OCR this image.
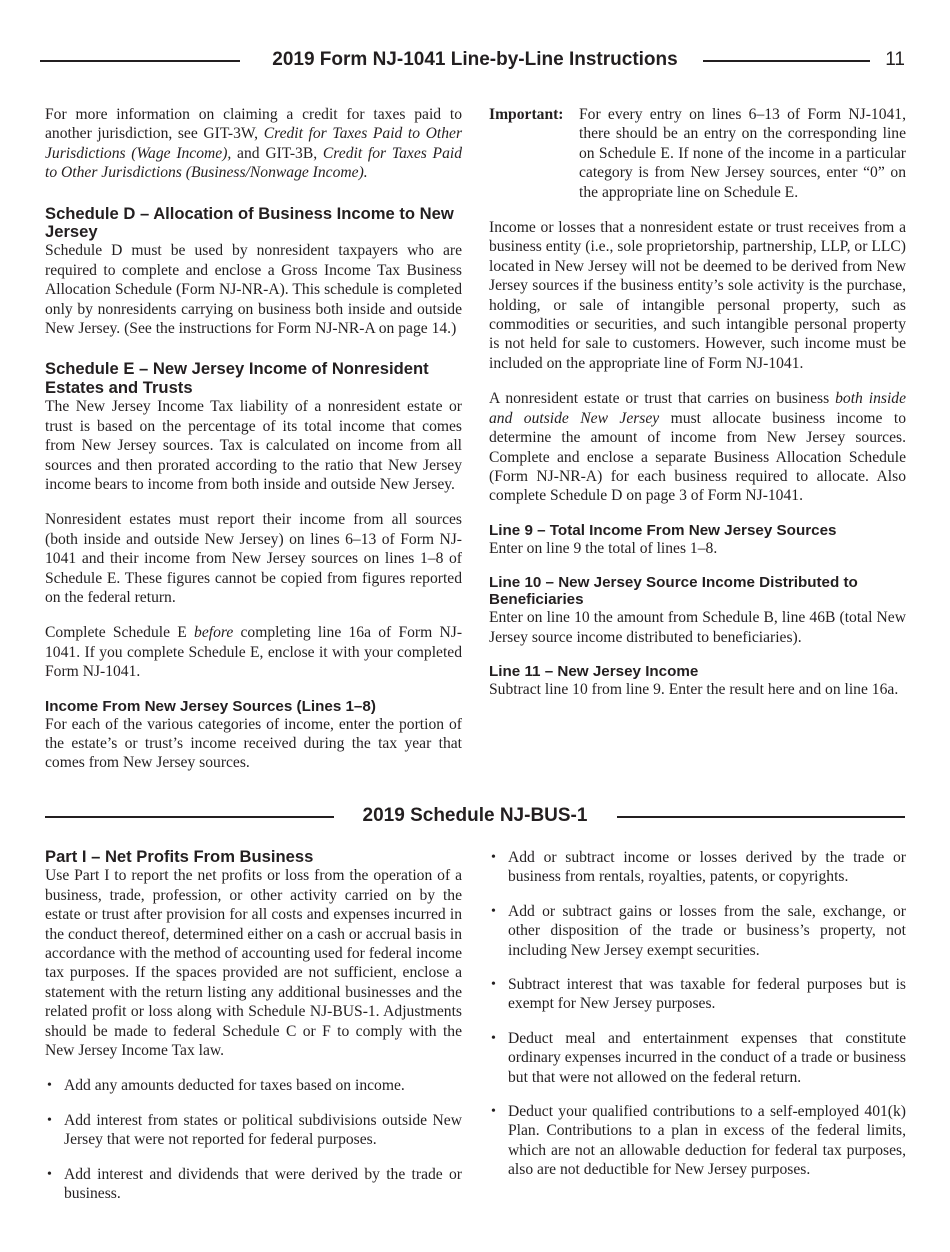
2019 Form NJ-1041 Line-by-Line Instructions	11

For more information on claiming a credit for taxes paid to another jurisdiction, see GIT-3W, Credit for Taxes Paid to Other Jurisdictions (Wage Income), and GIT-3B, Credit for Taxes Paid to Other Jurisdictions (Business/Nonwage Income).

Schedule D – Allocation of Business Income to New Jersey

Schedule D must be used by nonresident taxpayers who are required to complete and enclose a Gross Income Tax Business Allocation Schedule (Form NJ-NR-A). This schedule is completed only by nonresidents carrying on business both inside and outside New Jersey. (See the instructions for Form NJ-NR-A on page 14.)

Schedule E – New Jersey Income of Nonresident Estates and Trusts

The New Jersey Income Tax liability of a nonresident estate or trust is based on the percentage of its total income that comes from New Jersey sources. Tax is calculated on income from all sources and then prorated according to the ratio that New Jersey income bears to income from both inside and outside New Jersey.

Nonresident estates must report their income from all sources (both inside and outside New Jersey) on lines 6–13 of Form NJ-1041 and their income from New Jersey sources on lines 1–8 of Schedule E. These figures cannot be copied from figures reported on the federal return.

Complete Schedule E before completing line 16a of Form NJ-1041. If you complete Schedule E, enclose it with your completed Form NJ-1041.

Income From New Jersey Sources (Lines 1–8)

For each of the various categories of income, enter the portion of the estate’s or trust’s income received during the tax year that comes from New Jersey sources.

Important: For every entry on lines 6–13 of Form NJ-1041, there should be an entry on the corresponding line on Schedule E. If none of the income in a particular category is from New Jersey sources, enter “0” on the appropriate line on Schedule E.

Income or losses that a nonresident estate or trust receives from a business entity (i.e., sole proprietorship, partnership, LLP, or LLC) located in New Jersey will not be deemed to be derived from New Jersey sources if the business entity’s sole activity is the purchase, holding, or sale of intangible personal property, such as commodities or securities, and such intangible personal property is not held for sale to customers. However, such income must be included on the appropriate line of Form NJ-1041.

A nonresident estate or trust that carries on business both inside and outside New Jersey must allocate business income to determine the amount of income from New Jersey sources. Complete and enclose a separate Business Allocation Schedule (Form NJ-NR-A) for each business required to allocate. Also complete Schedule D on page 3 of Form NJ-1041.

Line 9 – Total Income From New Jersey Sources

Enter on line 9 the total of lines 1–8.

Line 10 – New Jersey Source Income Distributed to Beneficiaries

Enter on line 10 the amount from Schedule B, line 46B (total New Jersey source income distributed to beneficiaries).

Line 11 – New Jersey Income

Subtract line 10 from line 9. Enter the result here and on line 16a.

2019 Schedule NJ-BUS-1
Part I – Net Profits From Business

Use Part I to report the net profits or loss from the operation of a business, trade, profession, or other activity carried on by the estate or trust after provision for all costs and expenses incurred in the conduct thereof, determined either on a cash or accrual basis in accordance with the method of accounting used for federal income tax purposes. If the spaces provided are not sufficient, enclose a statement with the return listing any additional businesses and the related profit or loss along with Schedule NJ-BUS-1. Adjustments should be made to federal Schedule C or F to comply with the New Jersey Income Tax law.

• Add any amounts deducted for taxes based on income.
• Add interest from states or political subdivisions outside New Jersey that were not reported for federal purposes.
• Add interest and dividends that were derived by the trade or business.
• Add or subtract income or losses derived by the trade or business from rentals, royalties, patents, or copyrights.
• Add or subtract gains or losses from the sale, exchange, or other disposition of the trade or business’s property, not including New Jersey exempt securities.
• Subtract interest that was taxable for federal purposes but is exempt for New Jersey purposes.
• Deduct meal and entertainment expenses that constitute ordinary expenses incurred in the conduct of a trade or business but that were not allowed on the federal return.
• Deduct your qualified contributions to a self-employed 401(k) Plan. Contributions to a plan in excess of the federal limits, which are not an allowable deduction for federal tax purposes, also are not deductible for New Jersey purposes.
